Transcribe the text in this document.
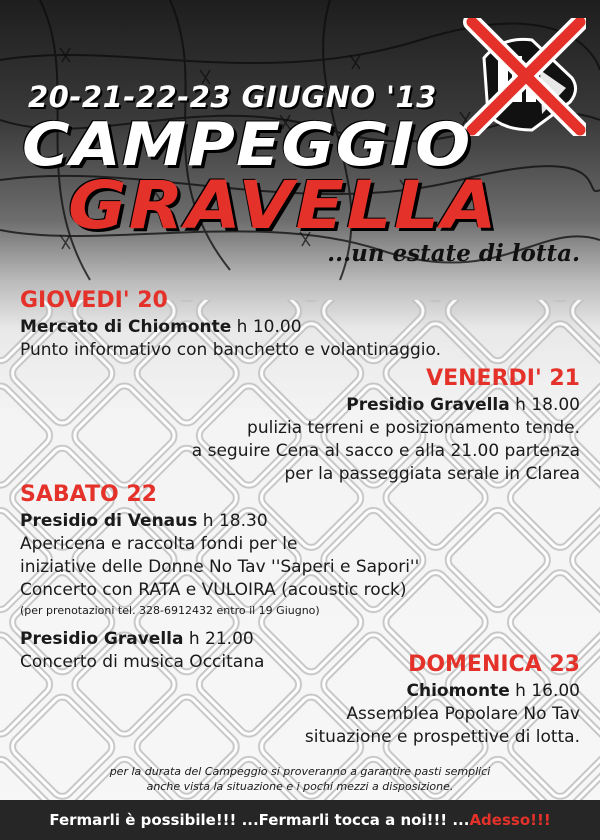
20-21-22-23 GIUGNO '13
CAMPEGGIO
GRAVELLA

...un estate di lotta.

GIOVEDI' 20

Mercato di Chiomonte h 10.00

Punto informativo con banchetto e volantinaggio.

VENERDI' 21

Presidio Gravella h 18.00

pulizia terreni e posizionamento tende.

a seguire Cena al sacco e alla 21.00 partenza

per la passeggiata serale in Clarea

SABATO 22

Presidio di Venaus h 18.30

Apericena e raccolta fondi per le

iniziative delle Donne No Tav ''Saperi e Sapori''

Concerto con RATA e VULOIRA (acoustic rock)

(per prenotazioni tel. 328-6912432 entro il 19 Giugno)

Presidio Gravella h 21.00

Concerto di musica Occitana	DOMENICA 23

Chiomonte h 16.00

Assemblea Popolare No Tav

situazione e prospettive di lotta.

per la durata del Campeggio si proveranno a garantire pasti semplici
anche vista la situazione e i pochi mezzi a disposizione.
Fermarli è possibile!!! ...Fermarli tocca a noi!!! ...Adesso!!!
